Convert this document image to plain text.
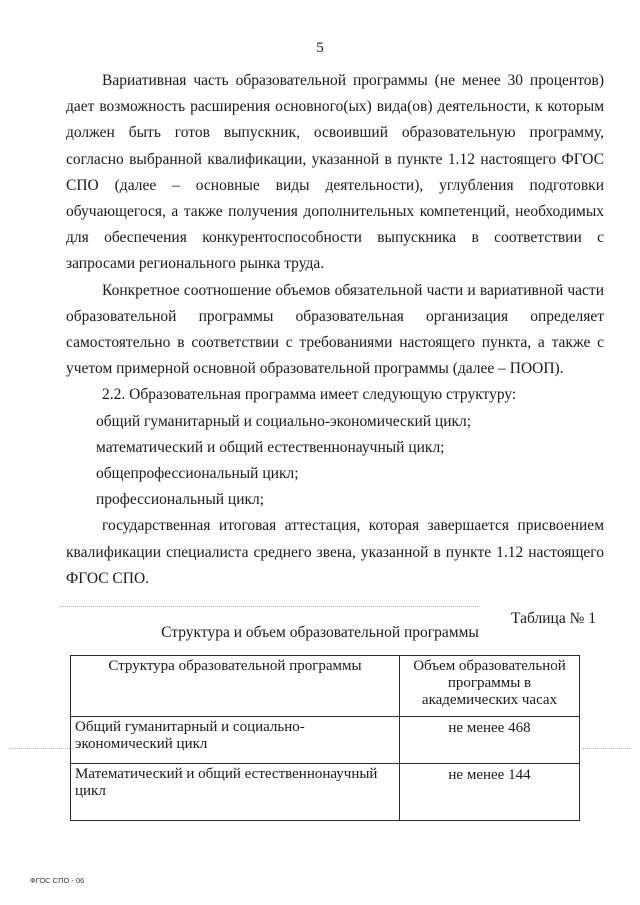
5

Вариативная часть образовательной программы (не менее 30 процентов) дает возможность расширения основного(ых) вида(ов) деятельности, к которым должен быть готов выпускник, освоивший образовательную программу, согласно выбранной квалификации, указанной в пункте 1.12 настоящего ФГОС СПО (далее – основные виды деятельности), углубления подготовки обучающегося, а также получения дополнительных компетенций, необходимых для обеспечения конкурентоспособности выпускника в соответствии с запросами регионального рынка труда.

Конкретное соотношение объемов обязательной части и вариативной части образовательной программы образовательная организация определяет самостоятельно в соответствии с требованиями настоящего пункта, а также с учетом примерной основной образовательной программы (далее – ПООП).

2.2. Образовательная программа имеет следующую структуру:

общий гуманитарный и социально-экономический цикл;

математический и общий естественнонаучный цикл;

общепрофессиональный цикл;

профессиональный цикл;

государственная итоговая аттестация, которая завершается присвоением квалификации специалиста среднего звена, указанной в пункте 1.12 настоящего ФГОС СПО.

Таблица № 1
Структура и объем образовательной программы
Структура образовательной программы	Объем образовательной программы в академических часах
Общий гуманитарный и социально-экономический цикл	не менее 468
Математический и общий естественнонаучный цикл	не менее 144
ФГОС СПО - 06
